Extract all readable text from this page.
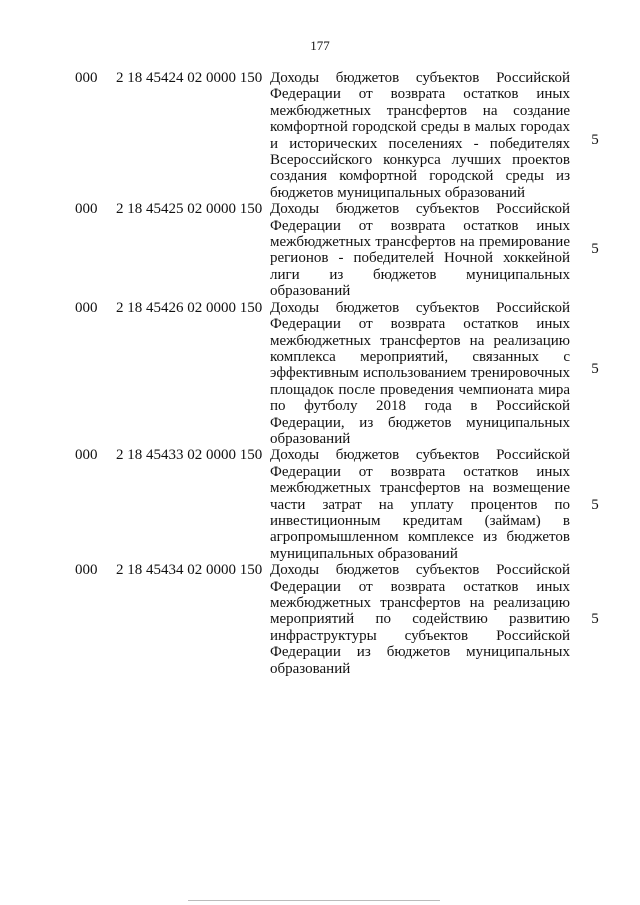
177
000 2 18 45424 02 0000 150 Доходы бюджетов субъектов Российской Федерации от возврата остатков иных межбюджетных трансфертов на создание комфортной городской среды в малых городах и исторических поселениях - победителях Всероссийского конкурса лучших проектов создания комфортной городской среды из бюджетов муниципальных образований
5
000 2 18 45425 02 0000 150 Доходы бюджетов субъектов Российской Федерации от возврата остатков иных межбюджетных трансфертов на премирование регионов - победителей Ночной хоккейной лиги из бюджетов муниципальных образований
5
000 2 18 45426 02 0000 150 Доходы бюджетов субъектов Российской Федерации от возврата остатков иных межбюджетных трансфертов на реализацию комплекса мероприятий, связанных с эффективным использованием тренировочных площадок после проведения чемпионата мира по футболу 2018 года в Российской Федерации, из бюджетов муниципальных образований
5
000 2 18 45433 02 0000 150 Доходы бюджетов субъектов Российской Федерации от возврата остатков иных межбюджетных трансфертов на возмещение части затрат на уплату процентов по инвестиционным кредитам (займам) в агропромышленном комплексе из бюджетов муниципальных образований
5
000 2 18 45434 02 0000 150 Доходы бюджетов субъектов Российской Федерации от возврата остатков иных межбюджетных трансфертов на реализацию мероприятий по содействию развитию инфраструктуры субъектов Российской Федерации из бюджетов муниципальных образований
5
